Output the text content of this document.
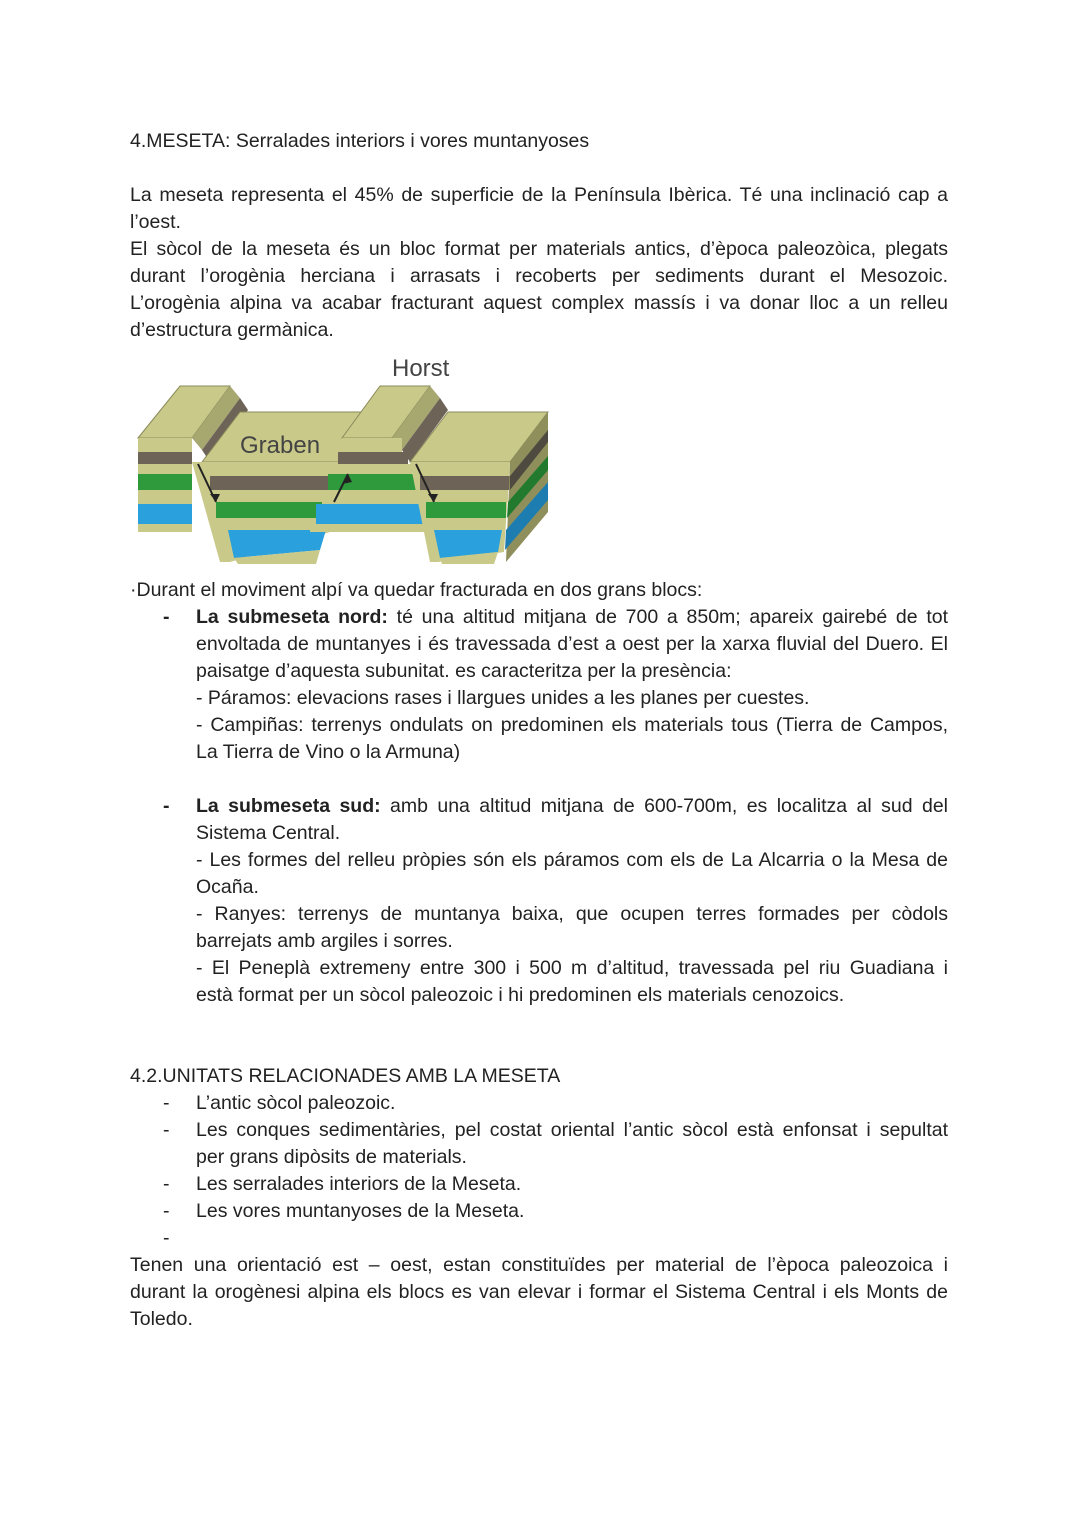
4.MESETA: Serralades interiors i vores muntanyoses
La meseta representa el 45% de superficie de la Península Ibèrica. Té una inclinació cap a
l’oest.
El sòcol de la meseta és un bloc format per materials antics, d’època paleozòica, plegats
durant l’orogènia herciana i arrasats i recoberts per sediments durant el Mesozoic.
L’orogènia alpina va acabar fracturant aquest complex massís i va donar lloc a un relleu
d’estructura germànica.
·Durant el moviment alpí va quedar fracturada en dos grans blocs:
-	La submeseta nord: té una altitud mitjana de 700 a 850m; apareix gairebé de tot
envoltada de muntanyes i és travessada d’est a oest per la xarxa fluvial del Duero. El
paisatge d’aquesta subunitat. es caracteritza per la presència:
- Páramos: elevacions rases i llargues unides a les planes per cuestes.
- Campiñas: terrenys ondulats on predominen els materials tous (Tierra de Campos,
La Tierra de Vino o la Armuna)
-	La submeseta sud: amb una altitud mitjana de 600-700m, es localitza al sud del
Sistema Central.
- Les formes del relleu pròpies són els páramos com els de La Alcarria o la Mesa de
Ocaña.
- Ranyes: terrenys de muntanya baixa, que ocupen terres formades per còdols
barrejats amb argiles i sorres.
- El Peneplà extremeny entre 300 i 500 m d’altitud, travessada pel riu Guadiana i
està format per un sòcol paleozoic i hi predominen els materials cenozoics.
4.2.UNITATS RELACIONADES AMB LA MESETA
-	L’antic sòcol paleozoic.
-	Les conques sedimentàries, pel costat oriental l’antic sòcol està enfonsat i sepultat
per grans dipòsits de materials.
-	Les serralades interiors de la Meseta.
-	Les vores muntanyoses de la Meseta.
-

Tenen una orientació est – oest, estan constituïdes per material de l’època paleozoica i
durant la orogènesi alpina els blocs es van elevar i formar el Sistema Central i els Monts de
Toledo.
Horst
Graben
